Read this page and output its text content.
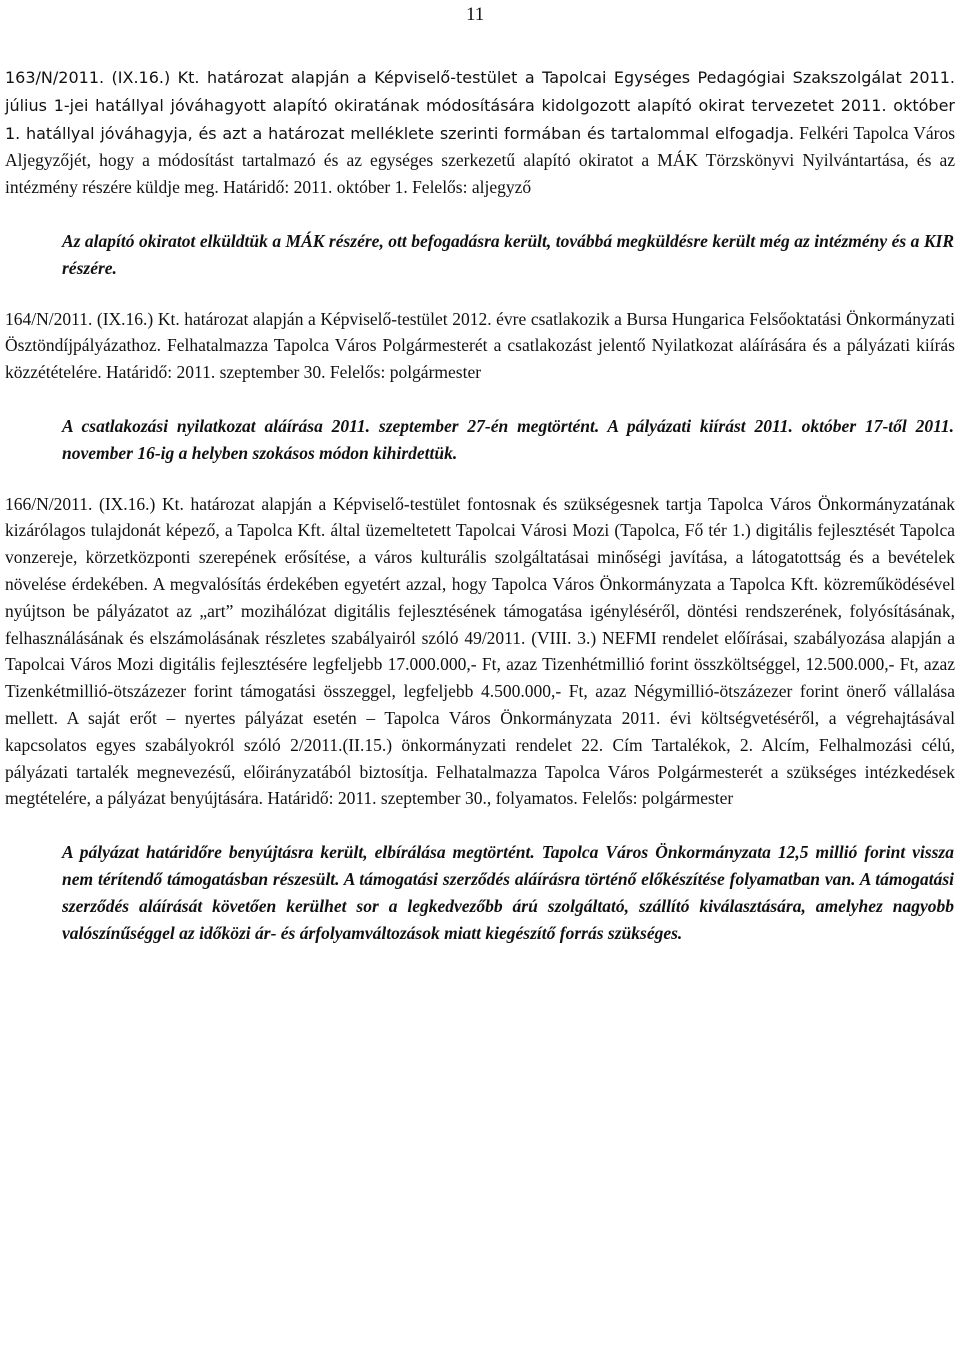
11

163/N/2011. (IX.16.) Kt. határozat alapján a Képviselő-testület a Tapolcai Egységes Pedagógiai Szakszolgálat 2011. július 1-jei hatállyal jóváhagyott alapító okiratának módosítására kidolgozott alapító okirat tervezetet 2011. október 1. hatállyal jóváhagyja, és azt a határozat melléklete szerinti formában és tartalommal elfogadja. Felkéri Tapolca Város Aljegyzőjét, hogy a módosítást tartalmazó és az egységes szerkezetű alapító okiratot a MÁK Törzskönyvi Nyilvántartása, és az intézmény részére küldje meg. Határidő: 2011. október 1. Felelős: aljegyző

Az alapító okiratot elküldtük a MÁK részére, ott befogadásra került, továbbá megküldésre került még az intézmény és a KIR részére.

164/N/2011. (IX.16.) Kt. határozat alapján a Képviselő-testület 2012. évre csatlakozik a Bursa Hungarica Felsőoktatási Önkormányzati Ösztöndíjpályázathoz. Felhatalmazza Tapolca Város Polgármesterét a csatlakozást jelentő Nyilatkozat aláírására és a pályázati kiírás közzétételére. Határidő: 2011. szeptember 30. Felelős: polgármester

A csatlakozási nyilatkozat aláírása 2011. szeptember 27-én megtörtént. A pályázati kiírást 2011. október 17-től 2011. november 16-ig a helyben szokásos módon kihirdettük.

166/N/2011. (IX.16.) Kt. határozat alapján a Képviselő-testület fontosnak és szükségesnek tartja Tapolca Város Önkormányzatának kizárólagos tulajdonát képező, a Tapolca Kft. által üzemeltetett Tapolcai Városi Mozi (Tapolca, Fő tér 1.) digitális fejlesztését Tapolca vonzereje, körzetközponti szerepének erősítése, a város kulturális szolgáltatásai minőségi javítása, a látogatottság és a bevételek növelése érdekében. A megvalósítás érdekében egyetért azzal, hogy Tapolca Város Önkormányzata a Tapolca Kft. közreműködésével nyújtson be pályázatot az „art” mozihálózat digitális fejlesztésének támogatása igényléséről, döntési rendszerének, folyósításának, felhasználásának és elszámolásának részletes szabályairól szóló 49/2011. (VIII. 3.) NEFMI rendelet előírásai, szabályozása alapján a Tapolcai Város Mozi digitális fejlesztésére legfeljebb 17.000.000,- Ft, azaz Tizenhétmillió forint összköltséggel, 12.500.000,- Ft, azaz Tizenkétmillió-ötszázezer forint támogatási összeggel, legfeljebb 4.500.000,- Ft, azaz Négymillió-ötszázezer forint önerő vállalása mellett. A saját erőt – nyertes pályázat esetén – Tapolca Város Önkormányzata 2011. évi költségvetéséről, a végrehajtásával kapcsolatos egyes szabályokról szóló 2/2011.(II.15.) önkormányzati rendelet 22. Cím Tartalékok, 2. Alcím, Felhalmozási célú, pályázati tartalék megnevezésű, előirányzatából biztosítja. Felhatalmazza Tapolca Város Polgármesterét a szükséges intézkedések megtételére, a pályázat benyújtására. Határidő: 2011. szeptember 30., folyamatos. Felelős: polgármester

A pályázat határidőre benyújtásra került, elbírálása megtörtént. Tapolca Város Önkormányzata 12,5 millió forint vissza nem térítendő támogatásban részesült. A támogatási szerződés aláírásra történő előkészítése folyamatban van. A támogatási szerződés aláírását követően kerülhet sor a legkedvezőbb árú szolgáltató, szállító kiválasztására, amelyhez nagyobb valószínűséggel az időközi ár- és árfolyamváltozások miatt kiegészítő forrás szükséges.
